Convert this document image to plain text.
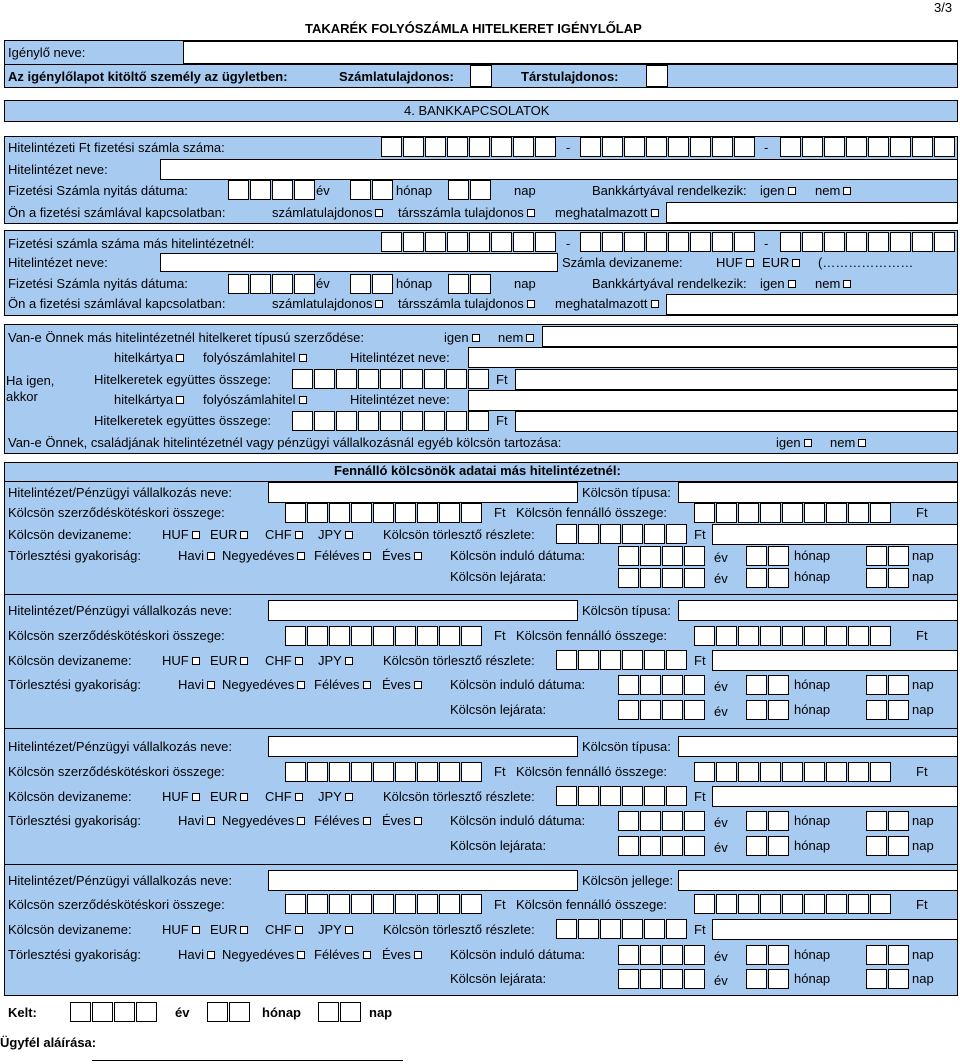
3/3
TAKARÉK FOLYÓSZÁMLA HITELKERET IGÉNYLŐLAP
Igénylő neve:
Az igénylőlapot kitöltő személy az ügyletben:	Számlatulajdonos:	Társtulajdonos:
4. BANKKAPCSOLATOK
Hitelintézeti Ft fizetési számla száma:	-	-
Hitelintézet neve:
Fizetési Számla nyitás dátuma:	év	hónap	nap	Bankkártyával rendelkezik: igen	nem
Ön a fizetési számlával kapcsolatban:	számlatulajdonos	társszámla tulajdonos	meghatalmazott
Fizetési számla száma más hitelintézetnél:	-	-
Hitelintézet neve:	Számla devizaneme:	HUF	EUR	(…………………
Fizetési Számla nyitás dátuma:	év	hónap	nap	Bankkártyával rendelkezik: igen	nem
Ön a fizetési számlával kapcsolatban:	számlatulajdonos	társszámla tulajdonos	meghatalmazott
Van-e Önnek más hitelintézetnél hitelkeret típusú szerződése:	igen	nem
Ha igen,
akkor
hitelkártya	folyószámlahitel	Hitelintézet neve:
Hitelkeretek együttes összege:	Ft
hitelkártya	folyószámlahitel	Hitelintézet neve:
Hitelkeretek együttes összege:	Ft
Van-e Önnek, családjának hitelintézetnél vagy pénzügyi vállalkozásnál egyéb kölcsön tartozása:	igen	nem
Fennálló kölcsönök adatai más hitelintézetnél:
Hitelintézet/Pénzügyi vállalkozás neve:	Kölcsön típusa:
Kölcsön szerződéskötéskori összege:	Ft Kölcsön fennálló összege:	Ft
Kölcsön devizaneme: HUF	EUR	CHF	JPY	Kölcsön törlesztő részlete:	Ft
Törlesztési gyakoriság:	Havi	Negyedéves	Féléves	Éves	Kölcsön induló dátuma:	év	hónap	nap
Kölcsön lejárata:	év	hónap	nap
Hitelintézet/Pénzügyi vállalkozás neve:	Kölcsön típusa:
Kölcsön szerződéskötéskori összege:	Ft Kölcsön fennálló összege:	Ft
Kölcsön devizaneme: HUF	EUR	CHF	JPY	Kölcsön törlesztő részlete:	Ft
Törlesztési gyakoriság:	Havi	Negyedéves	Féléves	Éves	Kölcsön induló dátuma:	év	hónap	nap
Kölcsön lejárata:	év	hónap	nap
Hitelintézet/Pénzügyi vállalkozás neve:	Kölcsön típusa:
Kölcsön szerződéskötéskori összege:	Ft Kölcsön fennálló összege:	Ft
Kölcsön devizaneme: HUF	EUR	CHF	JPY	Kölcsön törlesztő részlete:	Ft
Törlesztési gyakoriság:	Havi	Negyedéves	Féléves	Éves	Kölcsön induló dátuma:	év	hónap	nap
Kölcsön lejárata:	év	hónap	nap
Hitelintézet/Pénzügyi vállalkozás neve:	Kölcsön jellege:
Kölcsön szerződéskötéskori összege:	Ft Kölcsön fennálló összege:	Ft
Kölcsön devizaneme: HUF	EUR	CHF	JPY	Kölcsön törlesztő részlete:	Ft
Törlesztési gyakoriság:	Havi	Negyedéves	Féléves	Éves	Kölcsön induló dátuma:	év	hónap	nap
Kölcsön lejárata:	év	hónap	nap
Kelt:	év	hónap	nap
Ügyfél aláírása:
